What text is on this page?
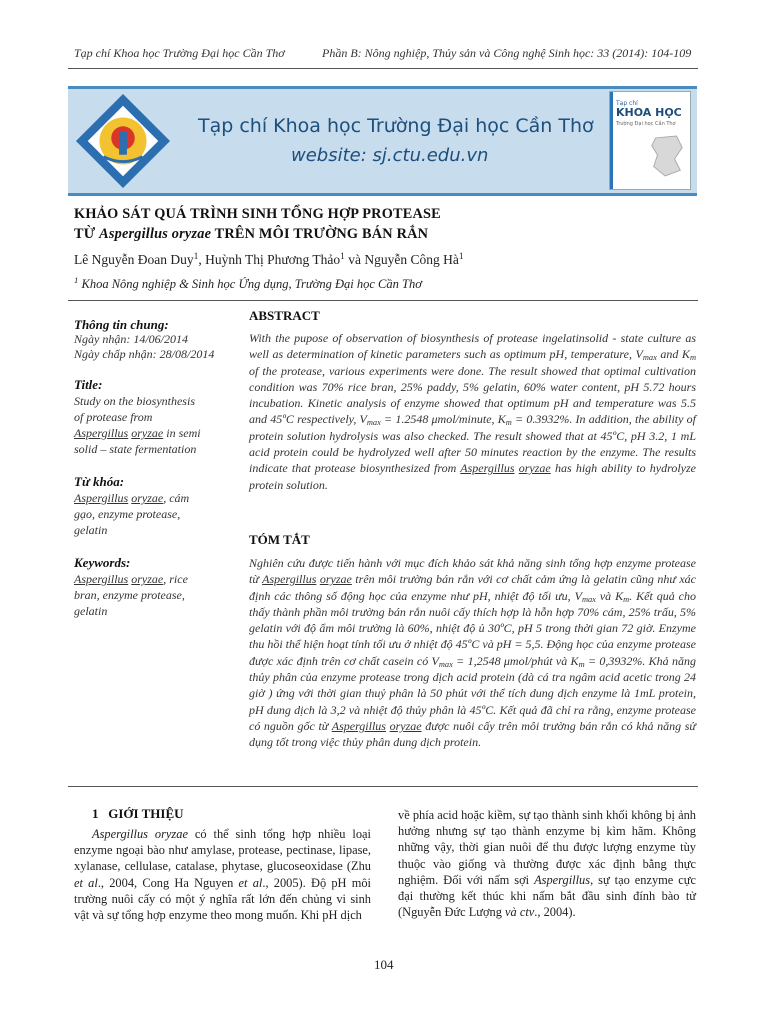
Tạp chí Khoa học Trường Đại học Cần Thơ	Phần B: Nông nghiệp, Thủy sản và Công nghệ Sinh học: 33 (2014): 104-109
Tạp chí Khoa học Trường Đại học Cần Thơ
website: sj.ctu.edu.vn
Tạp chí
KHOA HỌC
Trường Đại học Cần Thơ
KHẢO SÁT QUÁ TRÌNH SINH TỔNG HỢP PROTEASE
TỪ Aspergillus oryzae TRÊN MÔI TRƯỜNG BÁN RẮN
Lê Nguyễn Đoan Duy$^1$, Huỳnh Thị Phương Thảo$^1$ và Nguyễn Công $Hà^1$
$^1$ Khoa Nông nghiệp & Sinh học Ứng dụng, Trường Đại học Cần Thơ
Thông tin chung:
Ngày nhận: 14/06/2014
Ngày chấp nhận: 28/08/2014
Title:
Study on the biosynthesis
of protease from
Aspergillus oryzae in semi
solid – state fermentation
Từ khóa:
Aspergillus oryzae, cám
gạo, enzyme protease,
gelatin
Keywords:
Aspergillus oryzae, rice
bran, enzyme protease,
gelatin
ABSTRACT

With the pupose of observation of biosynthesis of protease ingelatinsolid - state culture as well as determination of kinetic parameters such as optimum pH, temperature, $V_{max}$ and $K_m$ of the protease, various experiments were done. The result showed that optimal cultivation condition was 70% rice bran, 25% paddy, 5% gelatin, 60% water content, pH 5.72 hours incubation. Kinetic analysis of enzyme showed that optimum pH and temperature was 5.5 and 45ºC respectively, $V_{max} = 1.2548$ μmol/minute, $K_m = 0.3932\%$. In addition, the ability of protein solution hydrolysis was also checked. The result showed that at 45ºC, pH 3.2, 1 mL acid protein could be hydrolyzed well after 50 minutes reaction by the enzyme. The results indicate that protease biosynthesized from Aspergillus oryzae has high ability to hydrolyze protein solution.

TÓM TẮT

Nghiên cứu được tiến hành với mục đích khảo sát khả năng sinh tổng hợp enzyme protease từ Aspergillus oryzae trên môi trường bán rắn với cơ chất cảm ứng là gelatin cũng như xác định các thông số động học của enzyme như pH, nhiệt độ tối ưu, $V_{max}$ và $K_m$. Kết quả cho thấy thành phần môi trường bán rắn nuôi cấy thích hợp là hỗn hợp 70% cám, 25% trấu, 5% gelatin với độ ẩm môi trường là 60%, nhiệt độ ủ 30ºC, pH 5 trong thời gian 72 giờ. Enzyme thu hồi thể hiện hoạt tính tối ưu ở nhiệt độ 45ºC và pH = 5,5. Động học của enzyme protease được xác định trên cơ chất casein có $V_{max} = 1,2548$ μmol/phút và $K_m = 0,3932\%$. Khả năng thủy phân của enzyme protease trong dịch acid protein (dà cá tra ngâm acid acetic trong 24 giờ ) ứng với thời gian thuỷ phân là 50 phút với thể tích dung dịch enzyme là 1mL protein, pH dung dịch là 3,2 và nhiệt độ thủy phân là 45ºC. Kết quả đã chỉ ra rằng, enzyme protease có nguồn gốc từ Aspergillus oryzae được nuôi cấy trên môi trường bán rắn có khả năng sử dụng tốt trong việc thủy phân dung dịch protein.

1 GIỚI THIỆU

Aspergillus oryzae có thể sinh tổng hợp nhiều loại enzyme ngoại bào như amylase, protease, pectinase, lipase, xylanase, cellulase, catalase, phytase, glucoseoxidase (Zhu et al., 2004, Cong Ha Nguyen et al., 2005). Độ pH môi trường nuôi cấy có một ý nghĩa rất lớn đến chủng vi sinh vật và sự tổng hợp enzyme theo mong muốn. Khi pH dịch

về phía acid hoặc kiềm, sự tạo thành sinh khối không bị ảnh hưởng nhưng sự tạo thành enzyme bị kìm hãm. Không những vậy, thời gian nuôi để thu được lượng enzyme tùy thuộc vào giống và thường được xác định bằng thực nghiệm. Đối với nấm sợi Aspergillus, sự tạo enzyme cực đại thường kết thúc khi nấm bắt đầu sinh đính bào tử (Nguyễn Đức Lượng và ctv., 2004).

104
